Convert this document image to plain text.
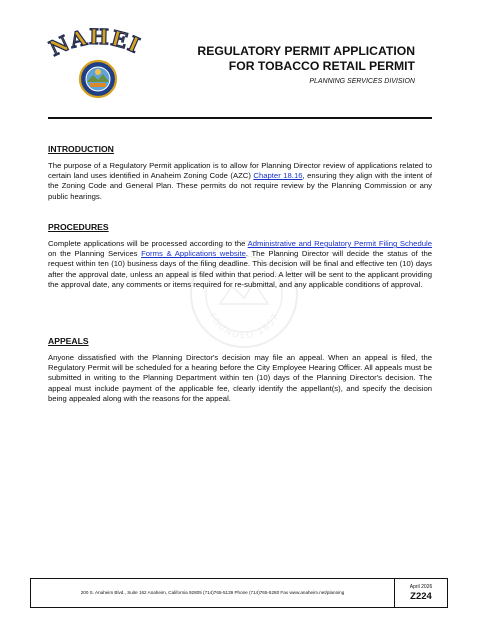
NAHEI	REGULATORY PERMIT APPLICATION
FOR TOBACCO RETAIL PERMIT
PLANNING SERVICES DIVISION
FOUNDED 1857
INTRODUCTION

The purpose of a Regulatory Permit application is to allow for Planning Director review of applications related to certain land uses identified in Anaheim Zoning Code (AZC) Chapter 18.16, ensuring they align with the intent of the Zoning Code and General Plan. These permits do not require review by the Planning Commission or any public hearings.

PROCEDURES

Complete applications will be processed according to the Administrative and Regulatory Permit Filing Schedule on the Planning Services Forms & Applications website. The Planning Director will decide the status of the request within ten (10) business days of the filing deadline. This decision will be final and effective ten (10) days after the approval date, unless an appeal is filed within that period. A letter will be sent to the applicant providing the approval date, any comments or items required for re-submittal, and any applicable conditions of approval.

APPEALS

Anyone dissatisfied with the Planning Director's decision may file an appeal. When an appeal is filed, the Regulatory Permit will be scheduled for a hearing before the City Employee Hearing Officer. All appeals must be submitted in writing to the Planning Department within ten (10) days of the Planning Director's decision. The appeal must include payment of the applicable fee, clearly identify the appellant(s), and specify the decision being appealed along with the reasons for the appeal.

200 S. Anaheim Blvd., Suite 162 Anaheim, California 92805 (714)765-5139 Phone (714)765-5280 Fax www.anaheim.net/planning
April 2026
Z224
